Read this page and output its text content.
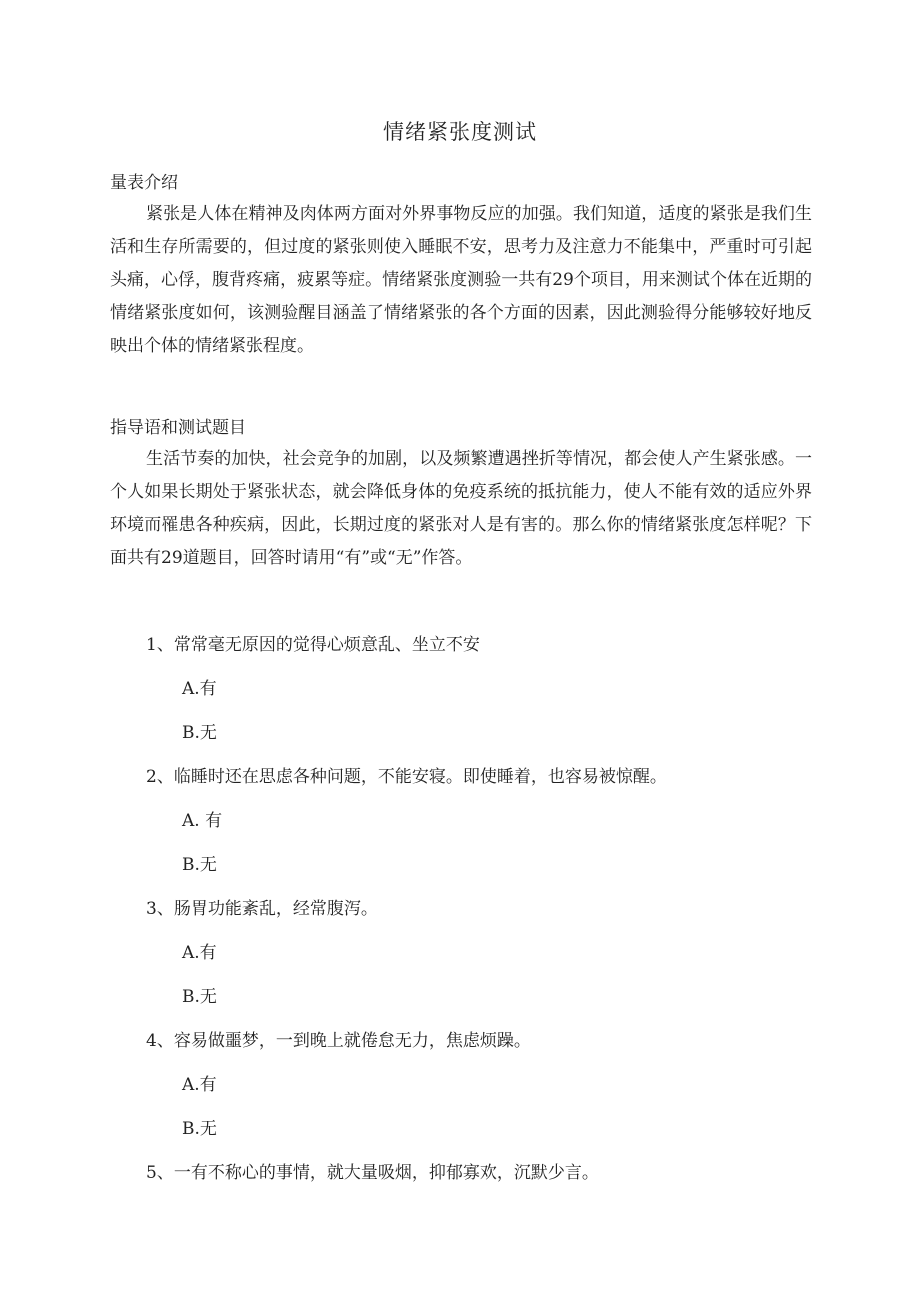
情绪紧张度测试
量表介绍

紧张是人体在精神及肉体两方面对外界事物反应的加强。我们知道，适度的紧张是我们生活和生存所需要的，但过度的紧张则使入睡眠不安，思考力及注意力不能集中，严重时可引起头痛，心俘，腹背疼痛，疲累等症。情绪紧张度测验一共有29个项目，用来测试个体在近期的情绪紧张度如何，该测验醒目涵盖了情绪紧张的各个方面的因素，因此测验得分能够较好地反映出个体的情绪紧张程度。

指导语和测试题目

生活节奏的加快，社会竞争的加剧，以及频繁遭遇挫折等情况，都会使人产生紧张感。一个人如果长期处于紧张状态，就会降低身体的免疫系统的抵抗能力，使人不能有效的适应外界环境而罹患各种疾病，因此，长期过度的紧张对人是有害的。那么你的情绪紧张度怎样呢？下面共有29道题目，回答时请用“有”或“无”作答。

1、常常毫无原因的觉得心烦意乱、坐立不安
A.有
B.无
2、临睡时还在思虑各种问题，不能安寝。即使睡着，也容易被惊醒。
A. 有
B.无
3、肠胃功能紊乱，经常腹泻。
A.有
B.无
4、容易做噩梦，一到晚上就倦怠无力，焦虑烦躁。
A.有
B.无
5、一有不称心的事情，就大量吸烟，抑郁寡欢，沉默少言。
